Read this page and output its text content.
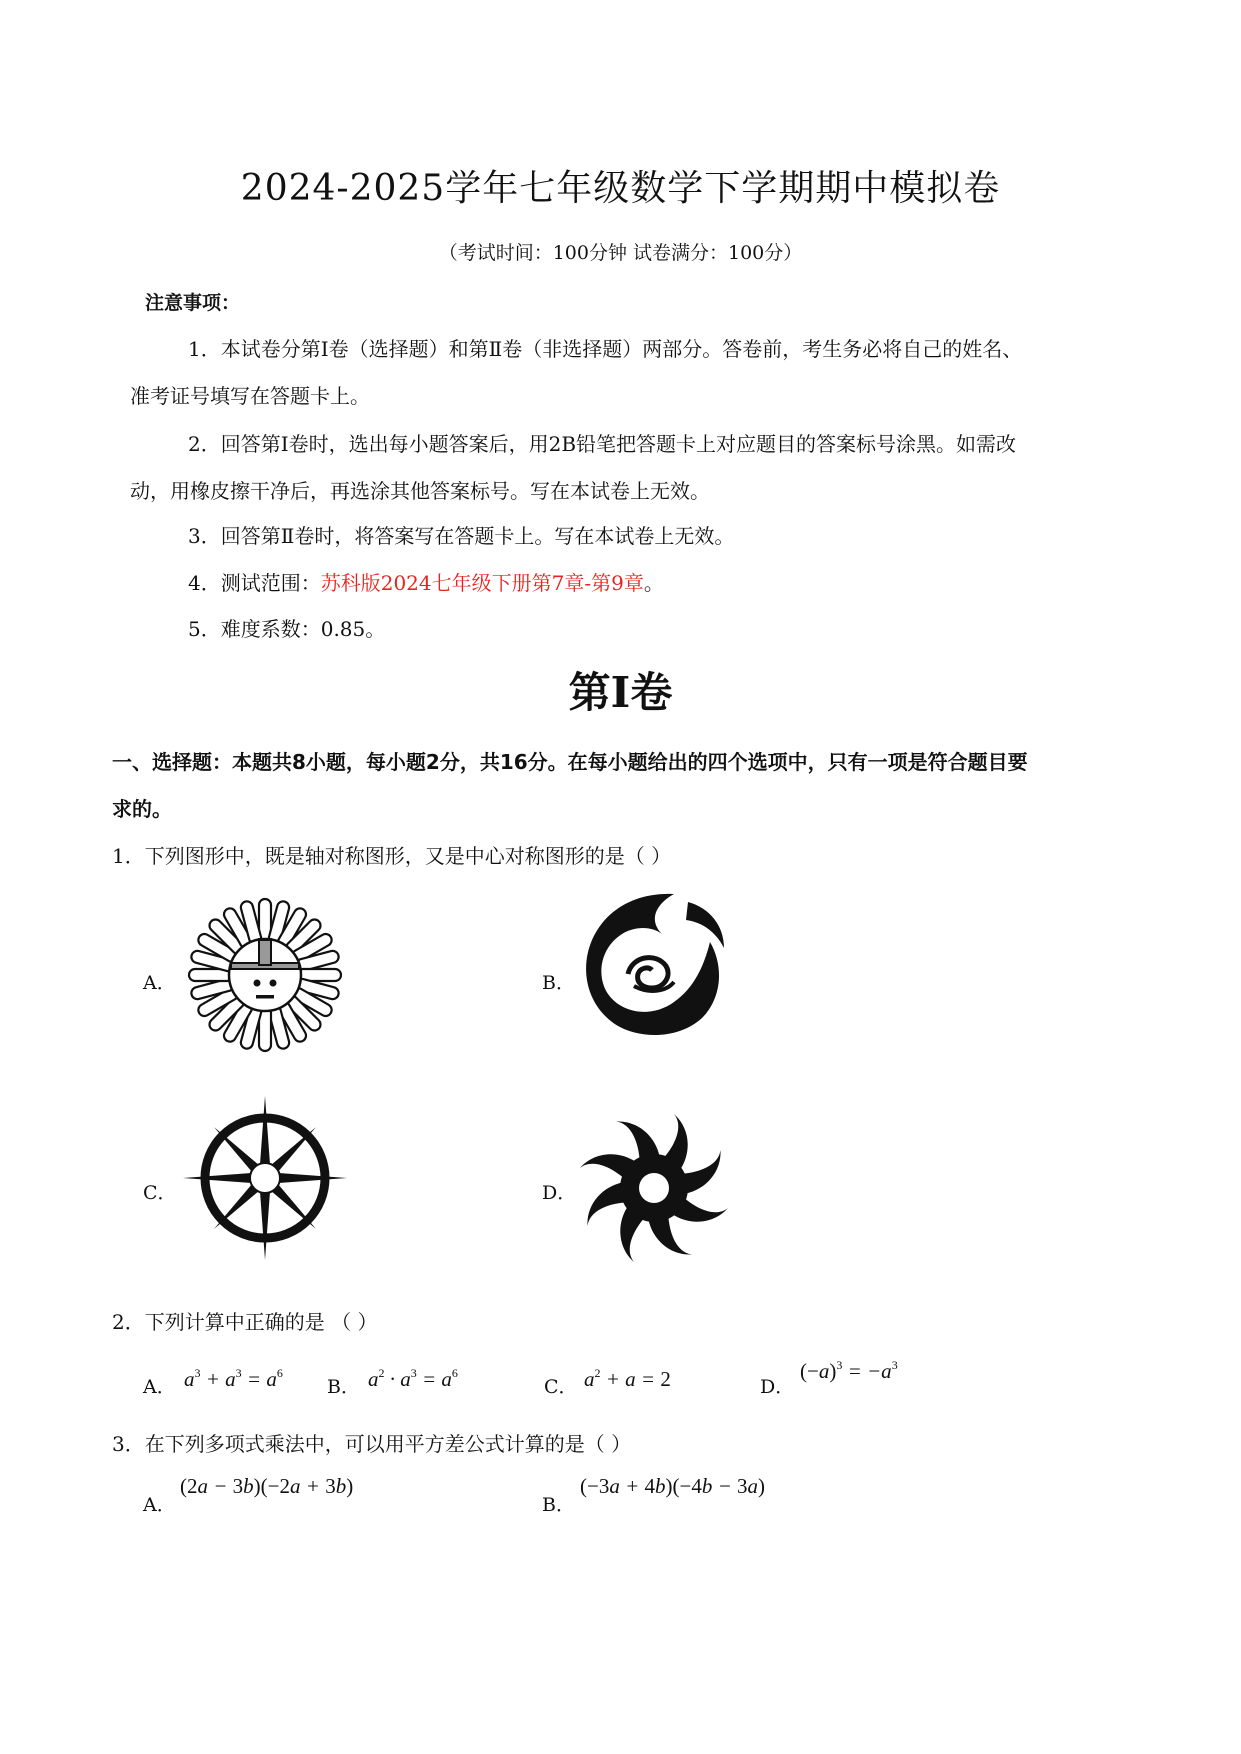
2024-2025学年七年级数学下学期期中模拟卷
（考试时间：100分钟 试卷满分：100分）
注意事项：
1．本试卷分第Ⅰ卷（选择题）和第Ⅱ卷（非选择题）两部分。答卷前，考生务必将自己的姓名、
准考证号填写在答题卡上。
2．回答第Ⅰ卷时，选出每小题答案后，用2B铅笔把答题卡上对应题目的答案标号涂黑。如需改
动，用橡皮擦干净后，再选涂其他答案标号。写在本试卷上无效。
3．回答第Ⅱ卷时，将答案写在答题卡上。写在本试卷上无效。
4．测试范围：苏科版2024七年级下册第7章-第9章。
5．难度系数：0.85。
第Ⅰ卷
一、选择题：本题共8小题，每小题2分，共16分。在每小题给出的四个选项中，只有一项是符合题目要
求的。
1．下列图形中，既是轴对称图形，又是中心对称图形的是（ ）
A．	B．
C．	D．
2．下列计算中正确的是 （ ）
A． $a^3 + a^3 = a^6$
B． $a^2 \cdot a^3 = a^6$
C． $a^2 + a = 2$	D．
$(-a)^3 = -a^3$
3．在下列多项式乘法中，可以用平方差公式计算的是（ ）
A．
(2a − 3b)(−2a + 3b)
B．
(−3a + 4b)(−4b − 3a)
